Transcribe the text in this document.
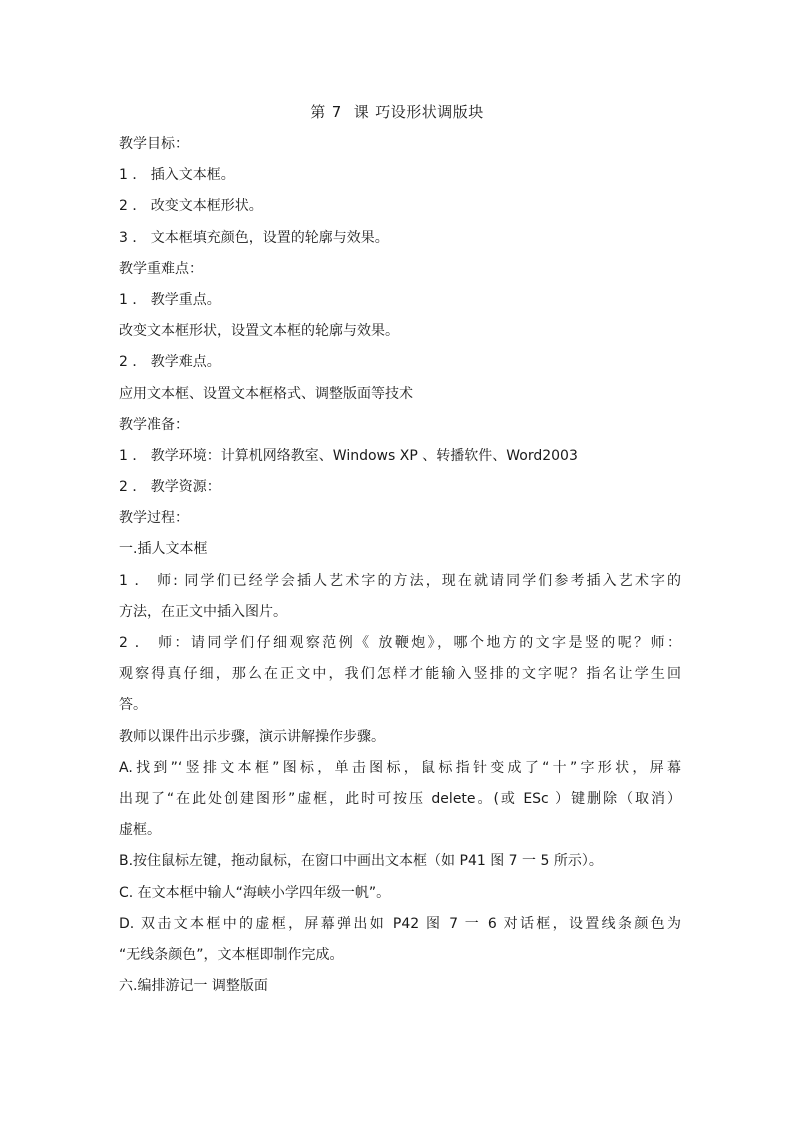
第 7 课 巧设形状调版块
教学目标：
1 ． 插入文本框。
2 ． 改变文本框形状。
3 ． 文本框填充颜色，设置的轮廓与效果。
教学重难点：
1 ． 教学重点。
改变文本框形状，设置文本框的轮廓与效果。
2 ． 教学难点。
应用文本框、设置文本框格式、调整版面等技术
教学准备：
1 ． 教学环境：计算机网络教室、Windows XP 、转播软件、Word2003
2 ． 教学资源：
教学过程：
一.插人文本框
1 ． 师: 同学们已经学会插人艺术字的方法，现在就请同学们参考插入艺术字的
方法，在正文中插入图片。
2 ． 师：请同学们仔细观察范例《 放鞭炮》，哪个地方的文字是竖的呢？师：
观察得真仔细，那么在正文中，我们怎样才能输入竖排的文字呢？指名让学生回
答。
教师以课件出示步骤，演示讲解操作步骤。
A.找到”‘竖排文本框”图标，单击图标，鼠标指针变成了“十”字形状，屏幕
出现了“在此处创建图形”虚框，此时可按压 delete。(或 ESc ）键删除（取消）
虚框。
B.按住鼠标左键，拖动鼠标，在窗口中画出文本框（如 P41 图 7 一 5 所示）。
C. 在文本框中输人“海峡小学四年级一帆”。
D. 双击文本框中的虚框，屏幕弹出如 P42 图 7 一 6 对话框，设置线条颜色为
“无线条颜色”，文本框即制作完成。
六.编排游记一 调整版面
